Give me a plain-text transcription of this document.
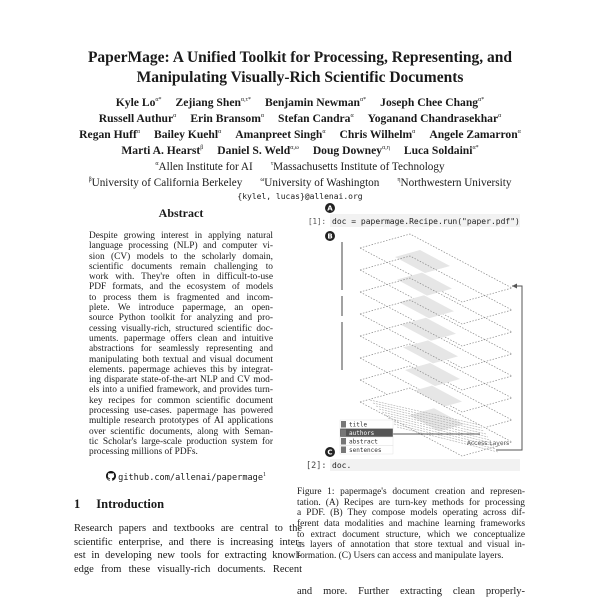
PaperMage: A Unified Toolkit for Processing, Representing, and
Manipulating Visually-Rich Scientific Documents
Kyle $Lo^{\alpha*}$ Zejiang Shen$^{\alpha,\tau*}$ Benjamin Newman$^{\alpha*}$ Joseph Chee Chang$^{\alpha*}$
Russell Authur$^\alpha$ Erin Bransom$^\alpha$ Stefan Candra$^\alpha$ Yoganand Chandrasekhar$^\alpha$
Regan Huff$^\alpha$ Bailey Kuehl$^\alpha$ Amanpreet Singh$^\alpha$ Chris Wilhelm$^\alpha$ Angele Zamarron$^\alpha$
Marti A. Hearst$^\beta$ Daniel S. Weld$^{\alpha,\omega}$ Doug Downey$^{\alpha,\eta}$ Luca Soldaini$^{\alpha*}$
$^\alpha$Allen Institute for AI	$^\tau$Massachusetts Institute of Technology
$^\beta$University of California Berkeley	$^\omega$University of Washington	$^\eta$Northwestern University
{kylel, lucas}@allenai.org
Abstract
Despite growing interest in applying natural
language processing (NLP) and computer vi-
sion (CV) models to the scholarly domain,
scientific documents remain challenging to
work with. They're often in difficult-to-use
PDF formats, and the ecosystem of models
to process them is fragmented and incom-
plete. We introduce papermage, an open-
source Python toolkit for analyzing and pro-
cessing visually-rich, structured scientific doc-
uments. papermage offers clean and intuitive
abstractions for seamlessly representing and
manipulating both textual and visual document
elements. papermage achieves this by integrat-
ing disparate state-of-the-art NLP and CV mod-
els into a unified framework, and provides turn-
key recipes for common scientific document
processing use-cases. papermage has powered
multiple research prototypes of AI applications
over scientific documents, along with Seman-
tic Scholar's large-scale production system for
processing millions of PDFs.
github.com/allenai/papermage$^1$
1 Introduction
Research papers and textbooks are central to the
scientific enterprise, and there is increasing inter-
est in developing new tools for extracting knowl-
edge from these visually-rich documents. Recent
A
[1]: doc = papermage.Recipe.run("paper.pdf")
B
Access Layers
title
authors
abstract
sentences
C
[2]: doc.
Figure 1: papermage's document creation and represen-
tation. (A) Recipes are turn-key methods for processing
a PDF. (B) They compose models operating across dif-
ferent data modalities and machine learning frameworks
to extract document structure, which we conceptualize
as layers of annotation that store textual and visual in-
formation. (C) Users can access and manipulate layers.
and more. Further extracting clean properly-
